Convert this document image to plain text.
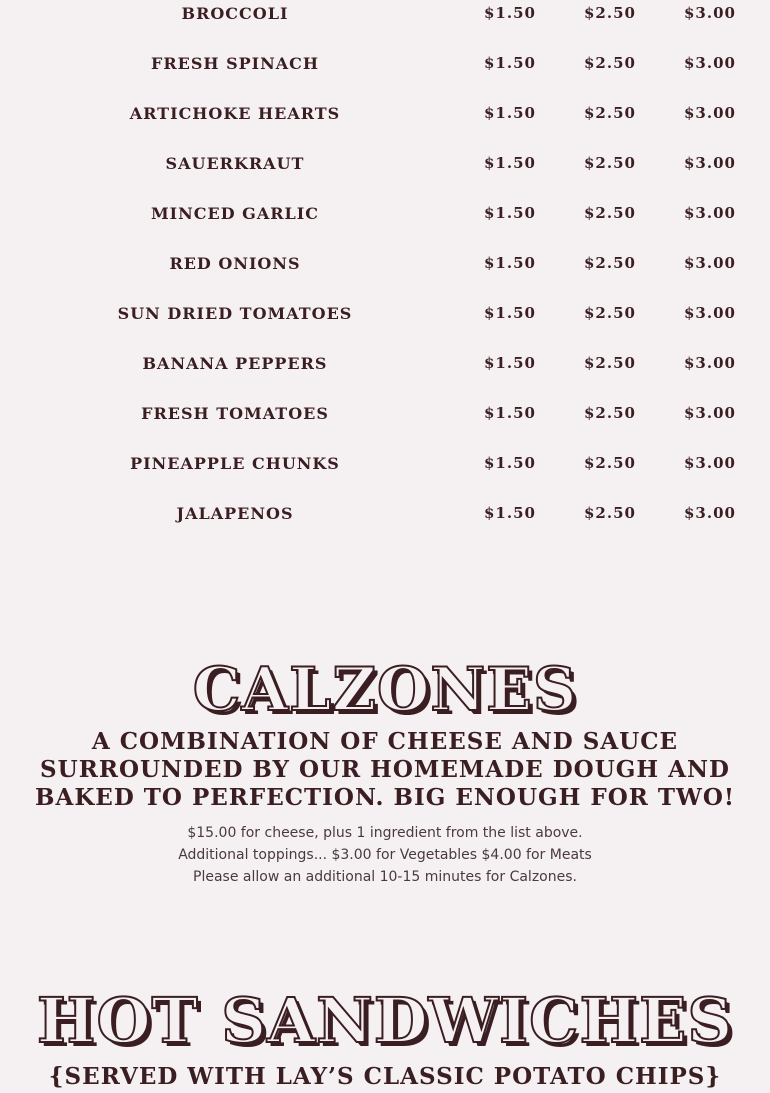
BROCCOLI	$1.50	$2.50	$3.00
FRESH SPINACH	$1.50	$2.50	$3.00
ARTICHOKE HEARTS	$1.50	$2.50	$3.00
SAUERKRAUT	$1.50	$2.50	$3.00
MINCED GARLIC	$1.50	$2.50	$3.00
RED ONIONS	$1.50	$2.50	$3.00
SUN DRIED TOMATOES	$1.50	$2.50	$3.00
BANANA PEPPERS	$1.50	$2.50	$3.00
FRESH TOMATOES	$1.50	$2.50	$3.00
PINEAPPLE CHUNKS	$1.50	$2.50	$3.00
JALAPENOS	$1.50	$2.50	$3.00
CALZONES
A COMBINATION OF CHEESE AND SAUCE SURROUNDED BY OUR HOMEMADE DOUGH AND BAKED TO PERFECTION. BIG ENOUGH FOR TWO!
$15.00 for cheese, plus 1 ingredient from the list above.
Additional toppings... $3.00 for Vegetables $4.00 for Meats
Please allow an additional 10-15 minutes for Calzones.
HOT SANDWICHES
{SERVED WITH LAY’S CLASSIC POTATO CHIPS}
